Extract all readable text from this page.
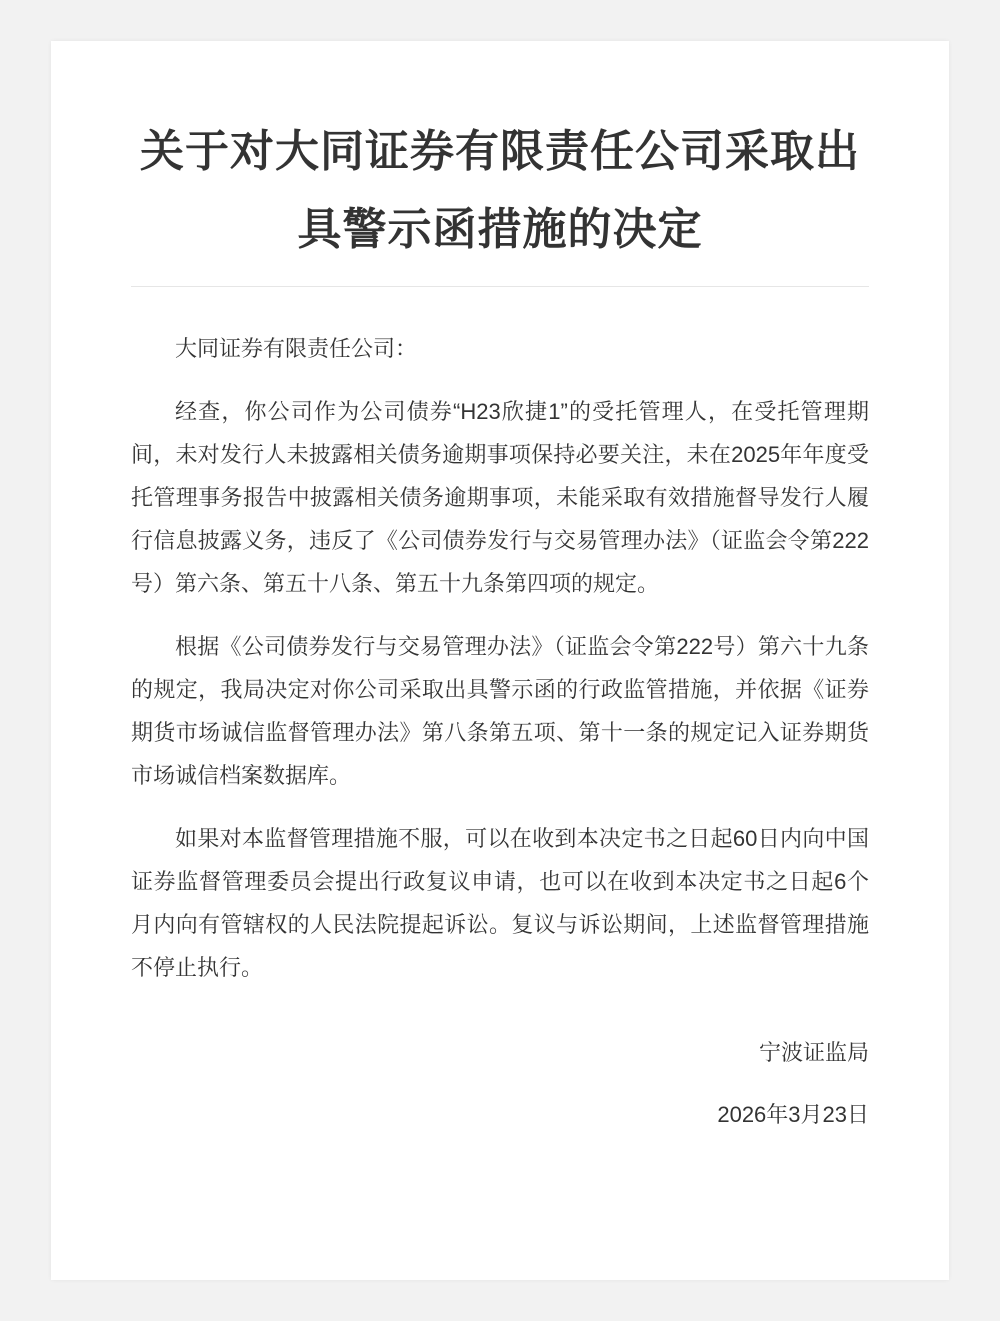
关于对大同证券有限责任公司采取出具警示函措施的决定

大同证券有限责任公司：

经查，你公司作为公司债券“H23欣捷1”的受托管理人，在受托管理期间，未对发行人未披露相关债务逾期事项保持必要关注，未在2025年年度受托管理事务报告中披露相关债务逾期事项，未能采取有效措施督导发行人履行信息披露义务，违反了《公司债券发行与交易管理办法》（证监会令第222号）第六条、第五十八条、第五十九条第四项的规定。

根据《公司债券发行与交易管理办法》（证监会令第222号）第六十九条的规定，我局决定对你公司采取出具警示函的行政监管措施，并依据《证券期货市场诚信监督管理办法》第八条第五项、第十一条的规定记入证券期货市场诚信档案数据库。

如果对本监督管理措施不服，可以在收到本决定书之日起60日内向中国证券监督管理委员会提出行政复议申请，也可以在收到本决定书之日起6个月内向有管辖权的人民法院提起诉讼。复议与诉讼期间，上述监督管理措施不停止执行。

宁波证监局

2026年3月23日
